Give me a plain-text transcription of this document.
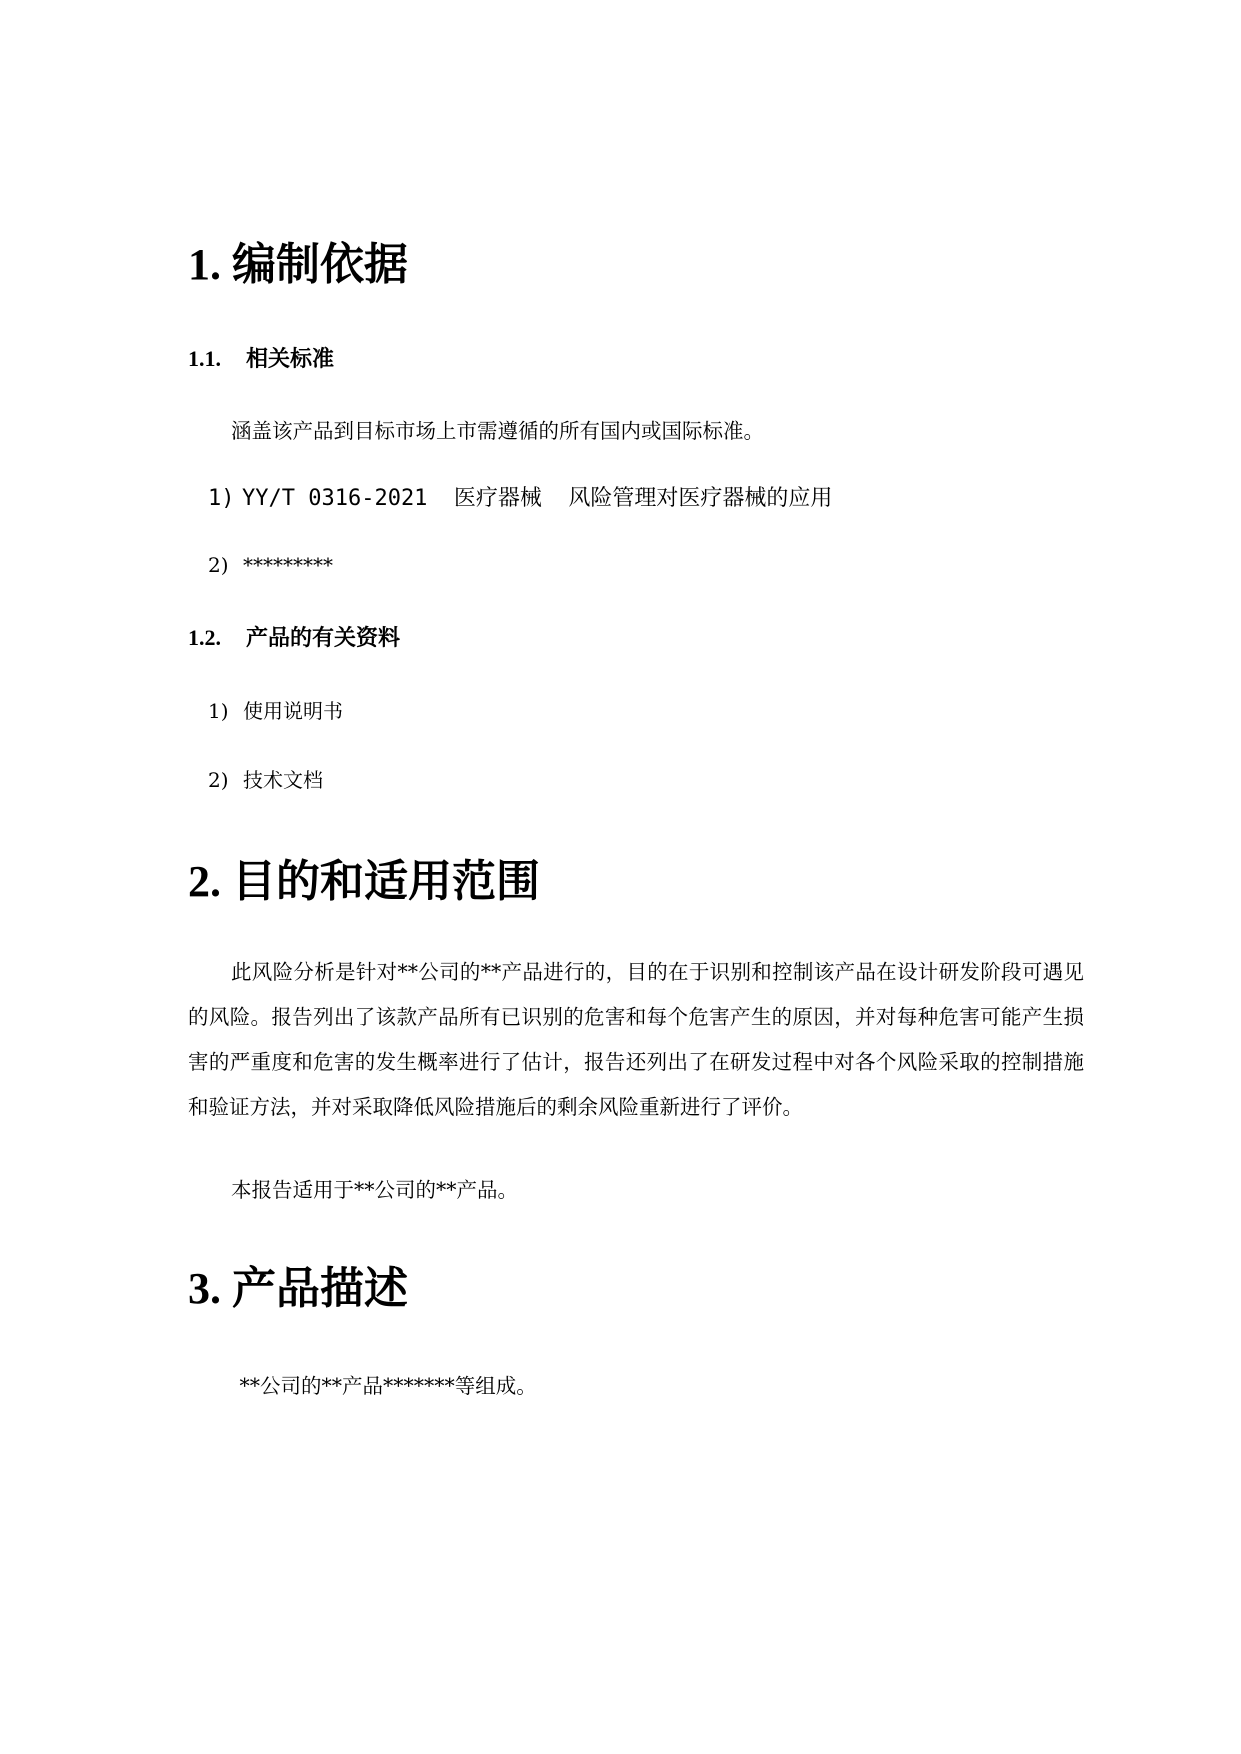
1. 编制依据
1.1. 相关标准
涵盖该产品到目标市场上市需遵循的所有国内或国际标准。
1) YY/T 0316-2021  医疗器械  风险管理对医疗器械的应用
2) *********
1.2. 产品的有关资料
1) 使用说明书
2) 技术文档
2. 目的和适用范围
此风险分析是针对**公司的**产品进行的，目的在于识别和控制该产品在设计研发阶段可遇见的风险。报告列出了该款产品所有已识别的危害和每个危害产生的原因，并对每种危害可能产生损害的严重度和危害的发生概率进行了估计，报告还列出了在研发过程中对各个风险采取的控制措施和验证方法，并对采取降低风险措施后的剩余风险重新进行了评价。
本报告适用于**公司的**产品。
3. 产品描述
**公司的**产品*******等组成。
